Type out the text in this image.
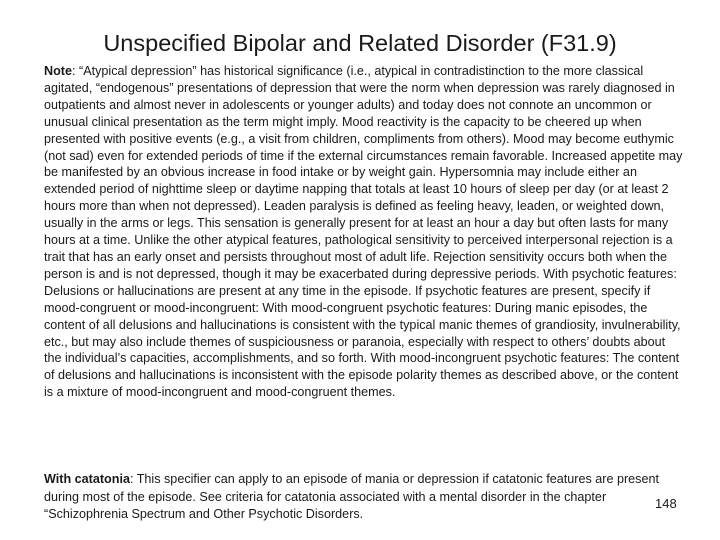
Unspecified Bipolar and Related Disorder (F31.9)
Note: “Atypical depression” has historical significance (i.e., atypical in contradistinction to the more classical agitated, “endogenous” presentations of depression that were the norm when depression was rarely diagnosed in outpatients and almost never in adolescents or younger adults) and today does not connote an uncommon or unusual clinical presentation as the term might imply. Mood reactivity is the capacity to be cheered up when presented with positive events (e.g., a visit from children, compliments from others). Mood may become euthymic (not sad) even for extended periods of time if the external circumstances remain favorable. Increased appetite may be manifested by an obvious increase in food intake or by weight gain. Hypersomnia may include either an extended period of nighttime sleep or daytime napping that totals at least 10 hours of sleep per day (or at least 2 hours more than when not depressed). Leaden paralysis is defined as feeling heavy, leaden, or weighted down, usually in the arms or legs. This sensation is generally present for at least an hour a day but often lasts for many hours at a time. Unlike the other atypical features, pathological sensitivity to perceived interpersonal rejection is a trait that has an early onset and persists throughout most of adult life. Rejection sensitivity occurs both when the person is and is not depressed, though it may be exacerbated during depressive periods. With psychotic features: Delusions or hallucinations are present at any time in the episode. If psychotic features are present, specify if mood-congruent or mood-incongruent: With mood-congruent psychotic features: During manic episodes, the content of all delusions and hallucinations is consistent with the typical manic themes of grandiosity, invulnerability, etc., but may also include themes of suspiciousness or paranoia, especially with respect to others’ doubts about the individual’s capacities, accomplishments, and so forth. With mood-incongruent psychotic features: The content of delusions and hallucinations is inconsistent with the episode polarity themes as described above, or the content is a mixture of mood-incongruent and mood-congruent themes.
With catatonia: This specifier can apply to an episode of mania or depression if catatonic features are present during most of the episode. See criteria for catatonia associated with a mental disorder in the chapter “Schizophrenia Spectrum and Other Psychotic Disorders.
148
